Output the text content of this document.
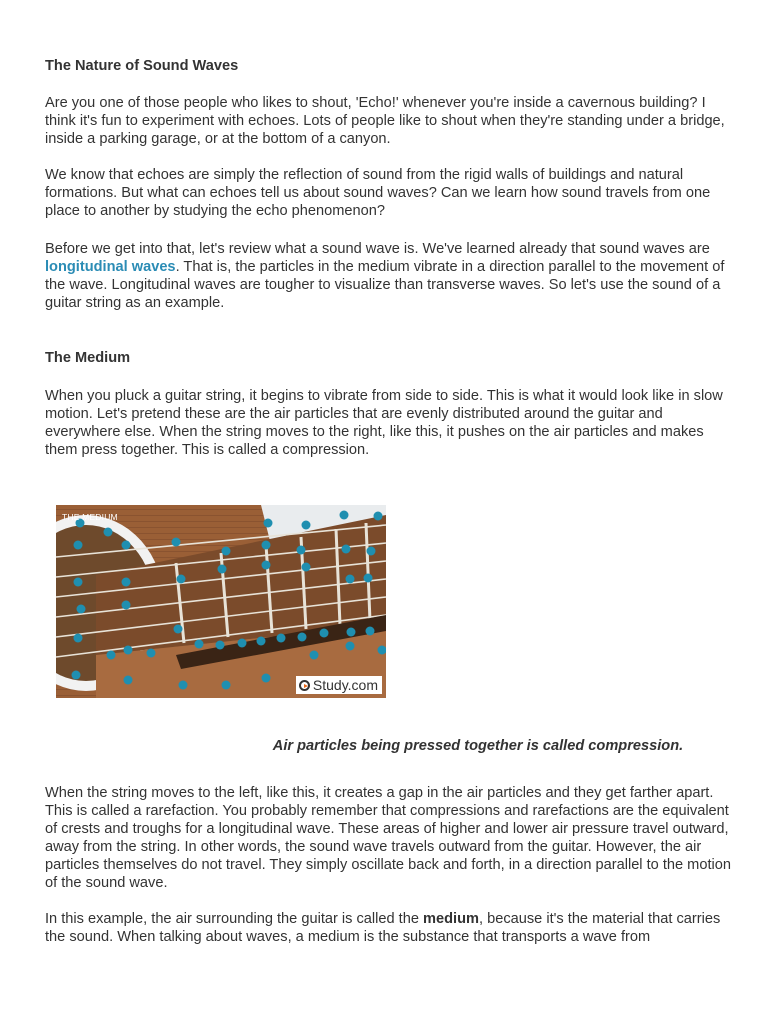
The Nature of Sound Waves

Are you one of those people who likes to shout, 'Echo!' whenever you're inside a cavernous building? I think it's fun to experiment with echoes. Lots of people like to shout when they're standing under a bridge, inside a parking garage, or at the bottom of a canyon.

We know that echoes are simply the reflection of sound from the rigid walls of buildings and natural formations. But what can echoes tell us about sound waves? Can we learn how sound travels from one place to another by studying the echo phenomenon?

Before we get into that, let's review what a sound wave is. We've learned already that sound waves are longitudinal waves. That is, the particles in the medium vibrate in a direction parallel to the movement of the wave. Longitudinal waves are tougher to visualize than transverse waves. So let's use the sound of a guitar string as an example.

The Medium

When you pluck a guitar string, it begins to vibrate from side to side. This is what it would look like in slow motion. Let's pretend these are the air particles that are evenly distributed around the guitar and everywhere else. When the string moves to the right, like this, it pushes on the air particles and makes them press together. This is called a compression.

THE MEDIUM
Study.com
Air particles being pressed together is called compression.

When the string moves to the left, like this, it creates a gap in the air particles and they get farther apart. This is called a rarefaction. You probably remember that compressions and rarefactions are the equivalent of crests and troughs for a longitudinal wave. These areas of higher and lower air pressure travel outward, away from the string. In other words, the sound wave travels outward from the guitar. However, the air particles themselves do not travel. They simply oscillate back and forth, in a direction parallel to the motion of the sound wave.

In this example, the air surrounding the guitar is called the medium, because it's the material that carries the sound. When talking about waves, a medium is the substance that transports a wave from
